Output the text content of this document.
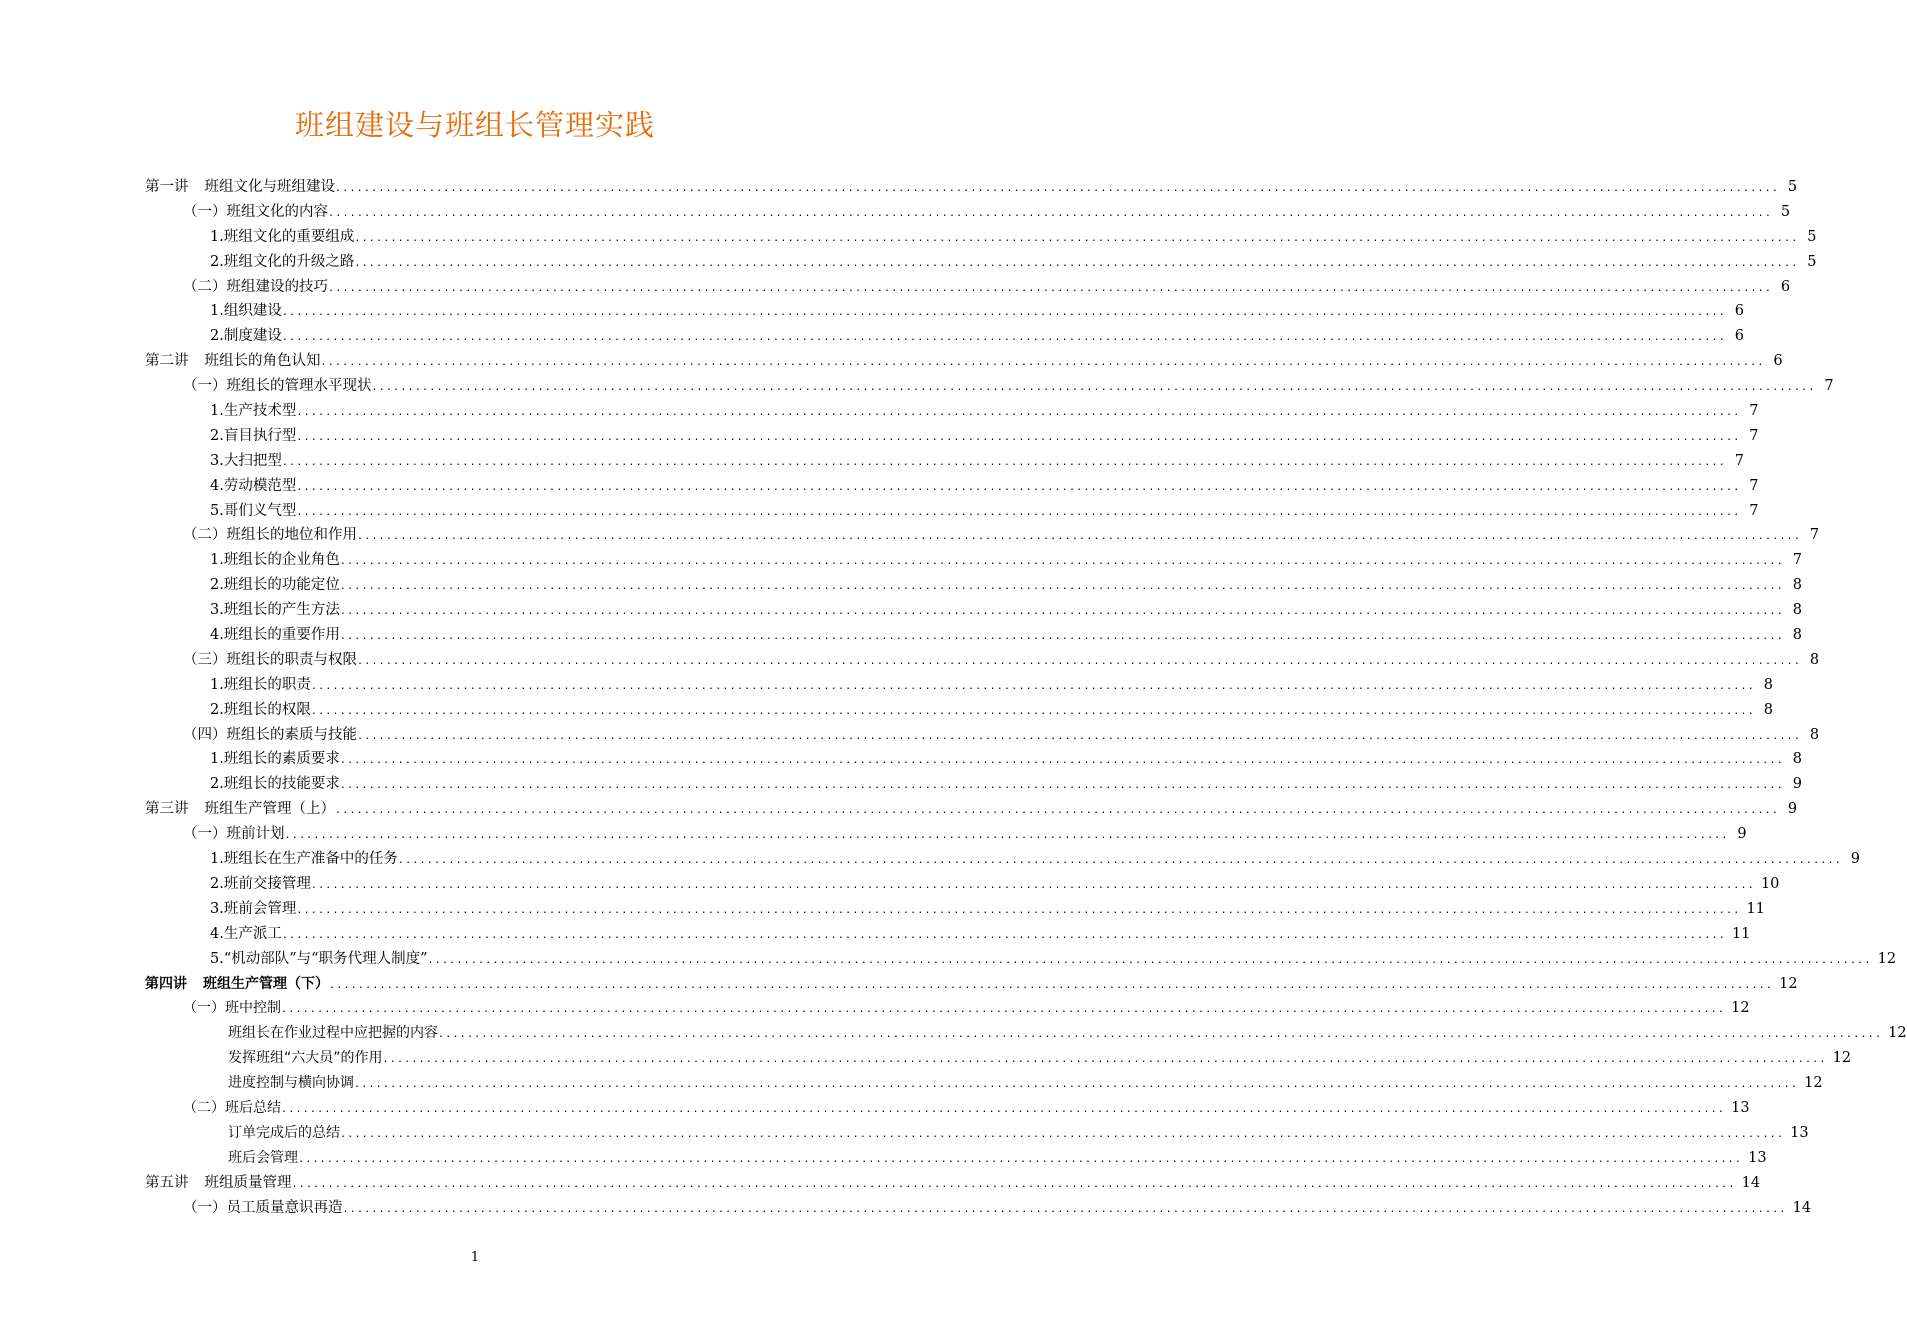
班组建设与班组长管理实践
第一讲 班组文化与班组建设 ........................................................................................................................................................................................................ 5
（一）班组文化的内容 ........................................................................................................................................................................................................ 5
1.班组文化的重要组成 ........................................................................................................................................................................................................ 5
2.班组文化的升级之路 ........................................................................................................................................................................................................ 5
（二）班组建设的技巧 ........................................................................................................................................................................................................ 6
1.组织建设 ........................................................................................................................................................................................................ 6
2.制度建设 ........................................................................................................................................................................................................ 6
第二讲 班组长的角色认知 ........................................................................................................................................................................................................ 6
（一）班组长的管理水平现状 ........................................................................................................................................................................................................ 7
1.生产技术型 ........................................................................................................................................................................................................ 7
2.盲目执行型 ........................................................................................................................................................................................................ 7
3.大扫把型 ........................................................................................................................................................................................................ 7
4.劳动模范型 ........................................................................................................................................................................................................ 7
5.哥们义气型 ........................................................................................................................................................................................................ 7
（二）班组长的地位和作用 ........................................................................................................................................................................................................ 7
1.班组长的企业角色 ........................................................................................................................................................................................................ 7
2.班组长的功能定位 ........................................................................................................................................................................................................ 8
3.班组长的产生方法 ........................................................................................................................................................................................................ 8
4.班组长的重要作用 ........................................................................................................................................................................................................ 8
（三）班组长的职责与权限 ........................................................................................................................................................................................................ 8
1.班组长的职责 ........................................................................................................................................................................................................ 8
2.班组长的权限 ........................................................................................................................................................................................................ 8
（四）班组长的素质与技能 ........................................................................................................................................................................................................ 8
1.班组长的素质要求 ........................................................................................................................................................................................................ 8
2.班组长的技能要求 ........................................................................................................................................................................................................ 9
第三讲 班组生产管理（上） ........................................................................................................................................................................................................ 9
（一）班前计划 ........................................................................................................................................................................................................ 9
1.班组长在生产准备中的任务 ........................................................................................................................................................................................................ 9
2.班前交接管理 ........................................................................................................................................................................................................ 10
3.班前会管理 ........................................................................................................................................................................................................ 11
4.生产派工 ........................................................................................................................................................................................................ 11
5.“机动部队”与“职务代理人制度” ........................................................................................................................................................................................................ 12
第四讲 班组生产管理（下） ........................................................................................................................................................................................................ 12
（一）班中控制 ........................................................................................................................................................................................................ 12
班组长在作业过程中应把握的内容 ........................................................................................................................................................................................................ 12
发挥班组“六大员”的作用 ........................................................................................................................................................................................................ 12
进度控制与横向协调 ........................................................................................................................................................................................................ 12
（二）班后总结 ........................................................................................................................................................................................................ 13
订单完成后的总结 ........................................................................................................................................................................................................ 13
班后会管理 ........................................................................................................................................................................................................ 13
第五讲 班组质量管理 ........................................................................................................................................................................................................ 14
（一）员工质量意识再造 ........................................................................................................................................................................................................ 14
1
